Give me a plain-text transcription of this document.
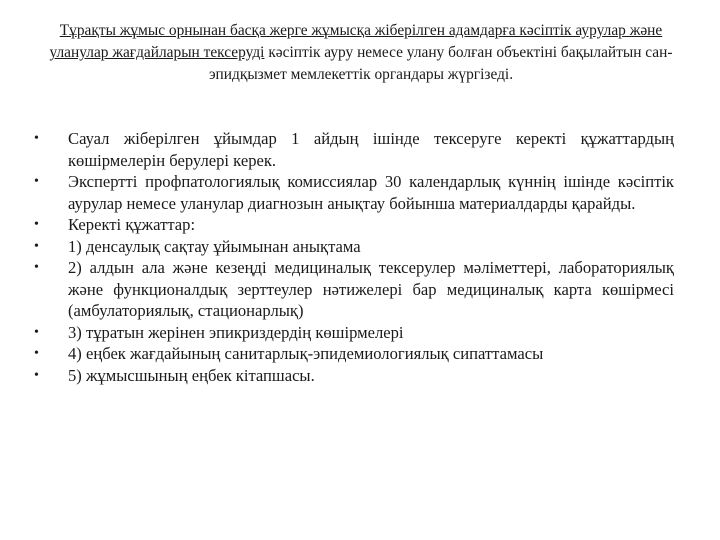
Тұрақты жұмыс орнынан басқа жерге жұмысқа жіберілген адамдарға кәсіптік аурулар және уланулар жағдайларын тексеруді кәсіптік ауру немесе улану болған объектіні бақылайтын сан-эпидқызмет мемлекеттік органдары жүргізеді.
•	Сауал жіберілген ұйымдар 1 айдың ішінде тексеруге керекті құжаттардың көшірмелерін берулері керек.
•	Экспертті профпатологиялық комиссиялар 30 календарлық күннің ішінде кәсіптік аурулар немесе уланулар диагнозын анықтау бойынша материалдарды қарайды.
•	Керекті құжаттар:
•	1) денсаулық сақтау ұйымынан анықтама
•	2) алдын ала және кезеңді медициналық тексерулер мәліметтері, лабораториялық және функционалдық зерттеулер нәтижелері бар медициналық карта көшірмесі (амбулаториялық, стационарлық)
•	3) тұратын жерінен эпикриздердің көшірмелері
•	4) еңбек жағдайының санитарлық-эпидемиологиялық сипаттамасы
•	5) жұмысшының еңбек кітапшасы.
